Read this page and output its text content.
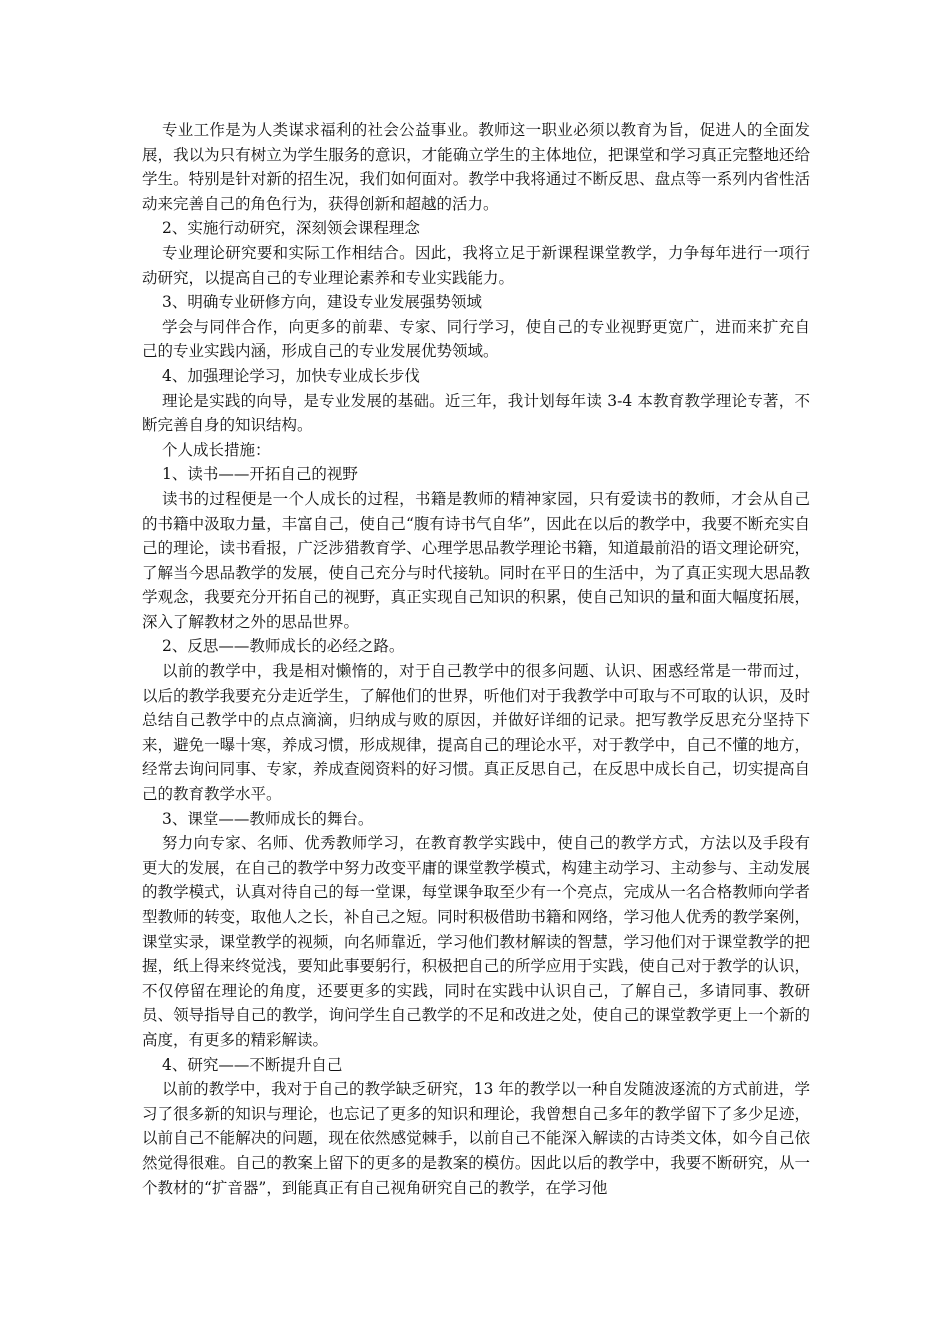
专业工作是为人类谋求福利的社会公益事业。教师这一职业必须以教育为旨，促进人的全面发展，我以为只有树立为学生服务的意识，才能确立学生的主体地位，把课堂和学习真正完整地还给学生。特别是针对新的招生况，我们如何面对。教学中我将通过不断反思、盘点等一系列内省性活动来完善自己的角色行为，获得创新和超越的活力。

2、实施行动研究，深刻领会课程理念

专业理论研究要和实际工作相结合。因此，我将立足于新课程课堂教学，力争每年进行一项行动研究，以提高自己的专业理论素养和专业实践能力。

3、明确专业研修方向，建设专业发展强势领域

学会与同伴合作，向更多的前辈、专家、同行学习，使自己的专业视野更宽广，进而来扩充自己的专业实践内涵，形成自己的专业发展优势领域。

4、加强理论学习，加快专业成长步伐

理论是实践的向导，是专业发展的基础。近三年，我计划每年读 3-4 本教育教学理论专著，不断完善自身的知识结构。

个人成长措施：

1、读书——开拓自己的视野

读书的过程便是一个人成长的过程，书籍是教师的精神家园，只有爱读书的教师，才会从自己的书籍中汲取力量，丰富自己，使自己“腹有诗书气自华”，因此在以后的教学中，我要不断充实自己的理论，读书看报，广泛涉猎教育学、心理学思品教学理论书籍，知道最前沿的语文理论研究，了解当今思品教学的发展，使自己充分与时代接轨。同时在平日的生活中，为了真正实现大思品教学观念，我要充分开拓自己的视野，真正实现自己知识的积累，使自己知识的量和面大幅度拓展，深入了解教材之外的思品世界。

2、反思——教师成长的必经之路。

以前的教学中，我是相对懒惰的，对于自己教学中的很多问题、认识、困惑经常是一带而过，以后的教学我要充分走近学生，了解他们的世界，听他们对于我教学中可取与不可取的认识，及时总结自己教学中的点点滴滴，归纳成与败的原因，并做好详细的记录。把写教学反思充分坚持下来，避免一曝十寒，养成习惯，形成规律，提高自己的理论水平，对于教学中，自己不懂的地方，经常去询问同事、专家，养成查阅资料的好习惯。真正反思自己，在反思中成长自己，切实提高自己的教育教学水平。

3、课堂——教师成长的舞台。

努力向专家、名师、优秀教师学习，在教育教学实践中，使自己的教学方式，方法以及手段有更大的发展，在自己的教学中努力改变平庸的课堂教学模式，构建主动学习、主动参与、主动发展的教学模式，认真对待自己的每一堂课，每堂课争取至少有一个亮点，完成从一名合格教师向学者型教师的转变，取他人之长，补自己之短。同时积极借助书籍和网络，学习他人优秀的教学案例，课堂实录，课堂教学的视频，向名师靠近，学习他们教材解读的智慧，学习他们对于课堂教学的把握，纸上得来终觉浅，要知此事要躬行，积极把自己的所学应用于实践，使自己对于教学的认识，不仅停留在理论的角度，还要更多的实践，同时在实践中认识自己，了解自己，多请同事、教研员、领导指导自己的教学，询问学生自己教学的不足和改进之处，使自己的课堂教学更上一个新的高度，有更多的精彩解读。

4、研究——不断提升自己

以前的教学中，我对于自己的教学缺乏研究，13 年的教学以一种自发随波逐流的方式前进，学习了很多新的知识与理论，也忘记了更多的知识和理论，我曾想自己多年的教学留下了多少足迹，以前自己不能解决的问题，现在依然感觉棘手，以前自己不能深入解读的古诗类文体，如今自己依然觉得很难。自己的教案上留下的更多的是教案的模仿。因此以后的教学中，我要不断研究，从一个教材的“扩音器”，到能真正有自己视角研究自己的教学，在学习他
